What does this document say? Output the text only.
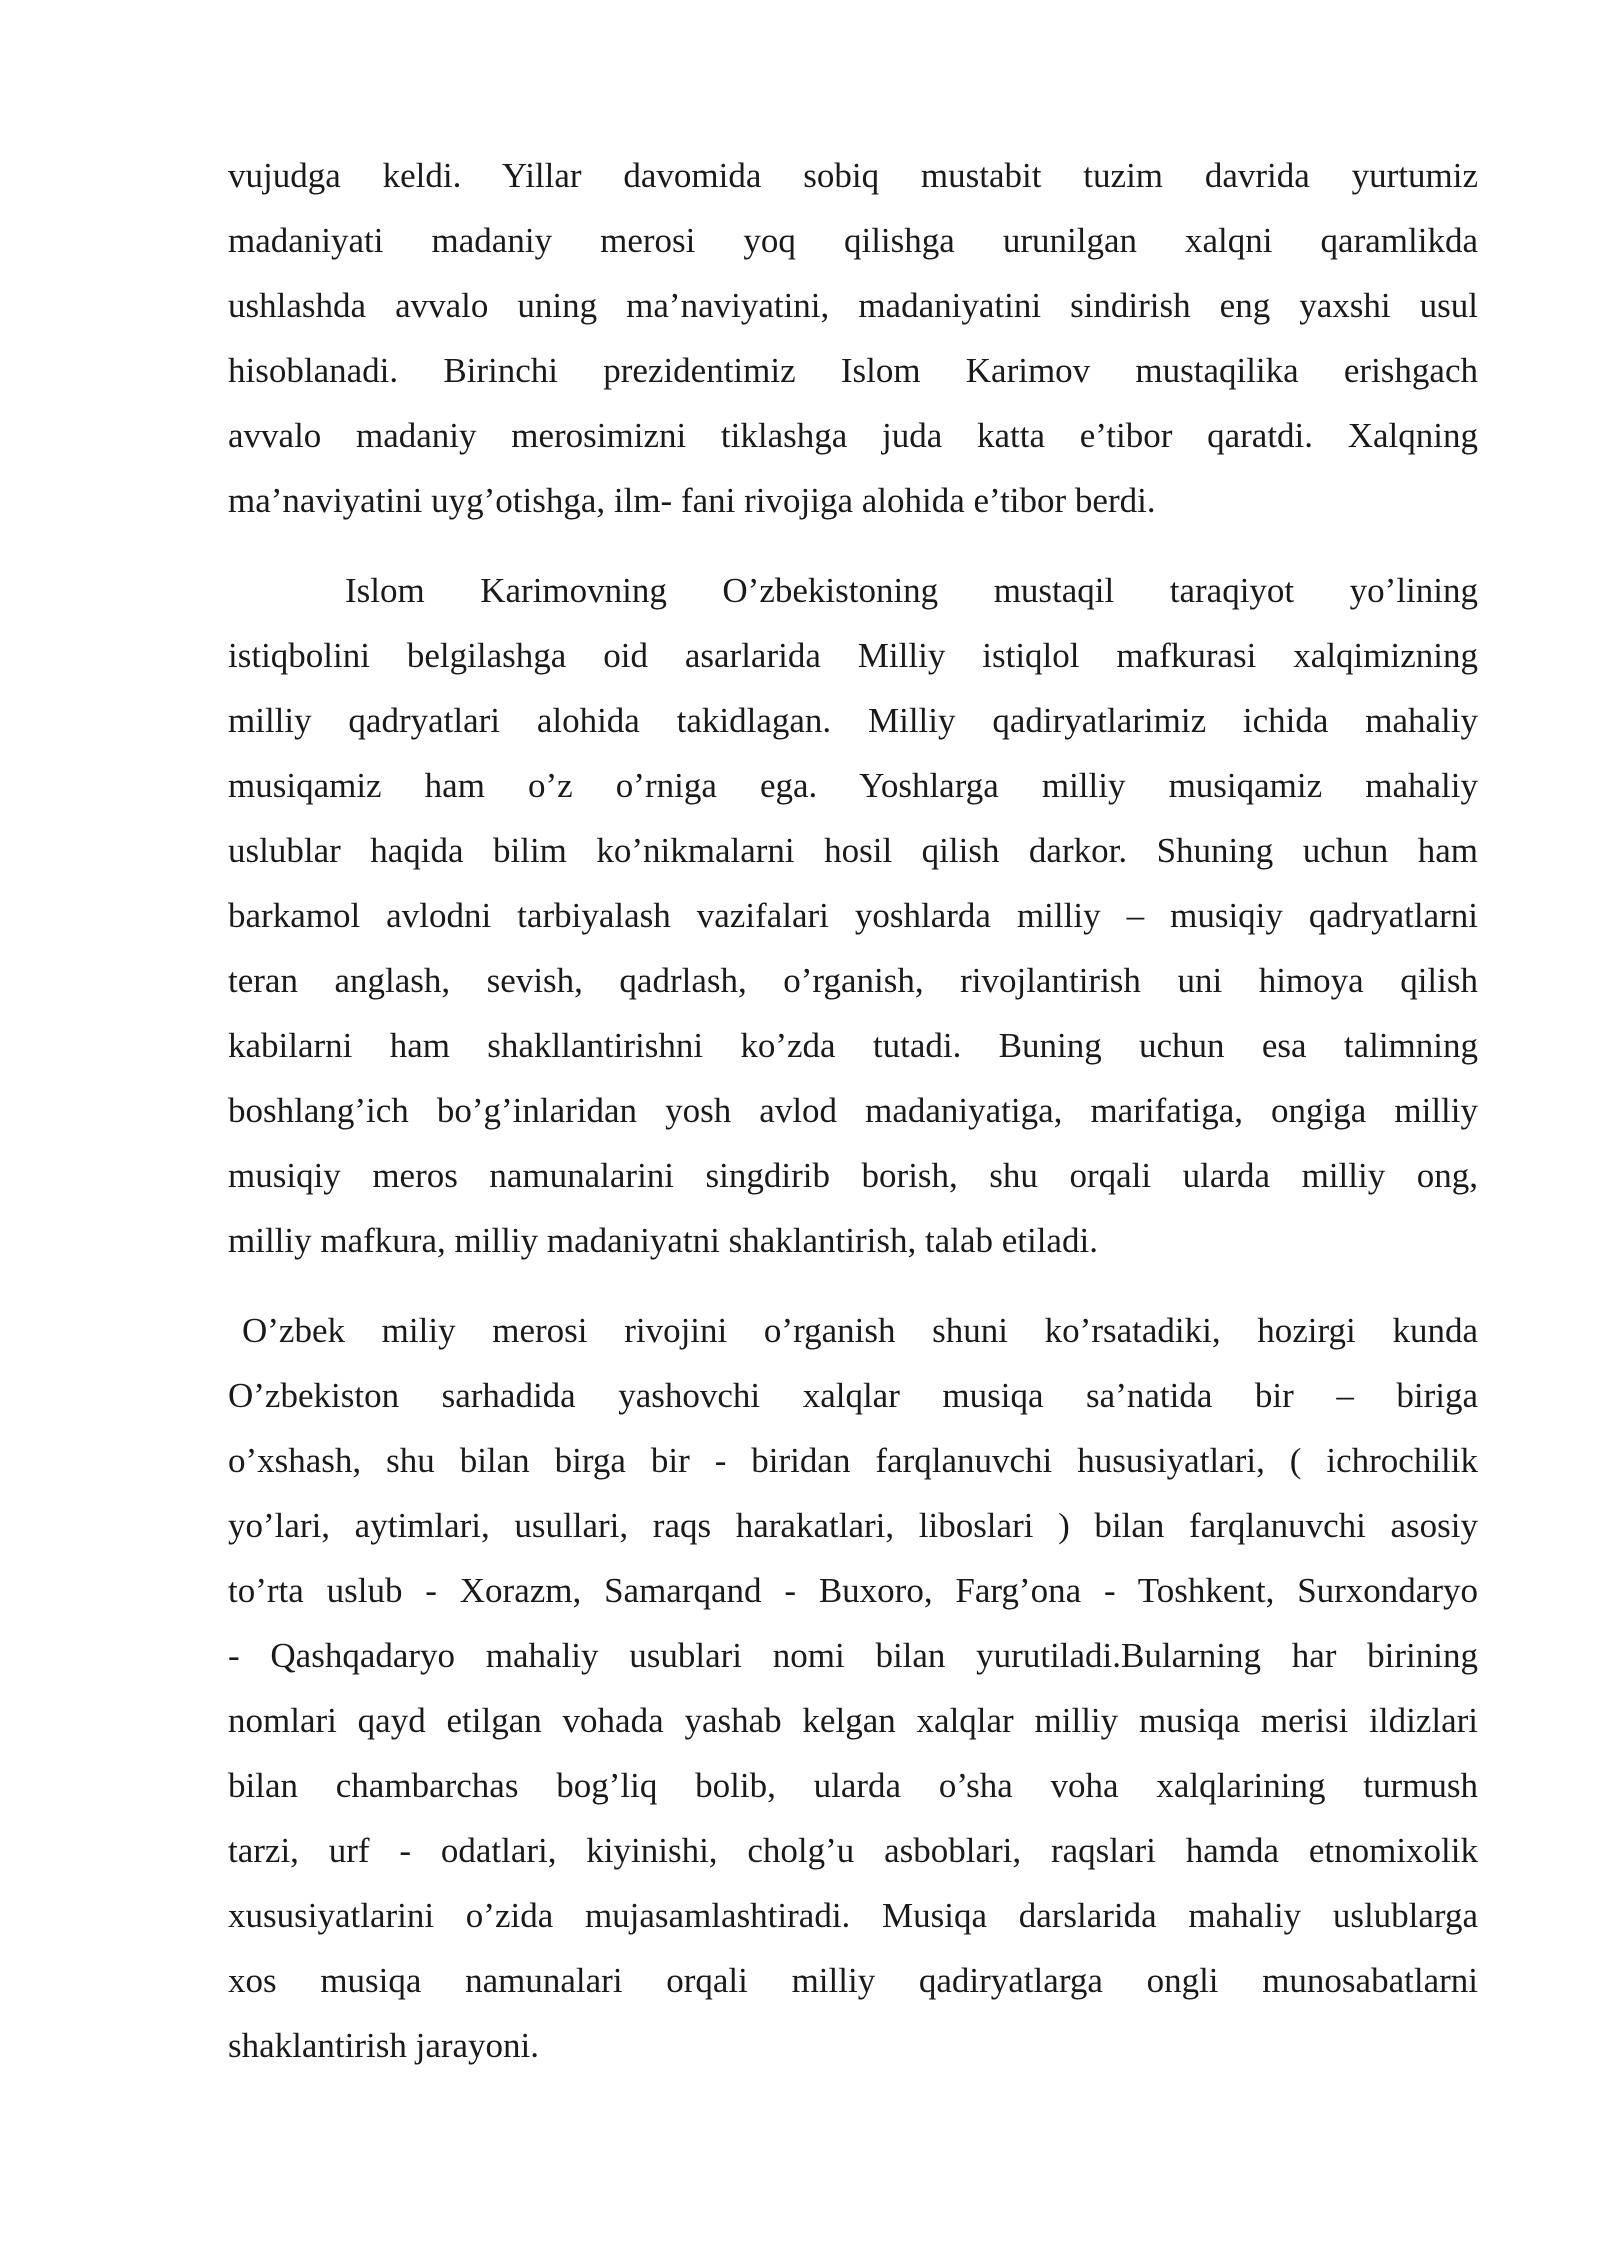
vujudga keldi. Yillar davomida sobiq mustabit tuzim davrida yurtumiz
madaniyati madaniy merosi yoq qilishga urunilgan xalqni qaramlikda
ushlashda avvalo uning ma’naviyatini, madaniyatini sindirish eng yaxshi usul
hisoblanadi. Birinchi prezidentimiz Islom Karimov mustaqilika erishgach
avvalo madaniy merosimizni tiklashga juda katta e’tibor qaratdi. Xalqning
ma’naviyatini uyg’otishga, ilm- fani rivojiga alohida e’tibor berdi.
Islom Karimovning O’zbekistoning mustaqil taraqiyot yo’lining
istiqbolini belgilashga oid asarlarida Milliy istiqlol mafkurasi xalqimizning
milliy qadryatlari alohida takidlagan. Milliy qadiryatlarimiz ichida mahaliy
musiqamiz ham o’z o’rniga ega. Yoshlarga milliy musiqamiz mahaliy
uslublar haqida bilim ko’nikmalarni hosil qilish darkor. Shuning uchun ham
barkamol avlodni tarbiyalash vazifalari yoshlarda milliy – musiqiy qadryatlarni
teran anglash, sevish, qadrlash, o’rganish, rivojlantirish uni himoya qilish
kabilarni ham shakllantirishni ko’zda tutadi. Buning uchun esa talimning
boshlang’ich bo’g’inlaridan yosh avlod madaniyatiga, marifatiga, ongiga milliy
musiqiy meros namunalarini singdirib borish, shu orqali ularda milliy ong,
milliy mafkura, milliy madaniyatni shaklantirish, talab etiladi.
O’zbek miliy merosi rivojini o’rganish shuni ko’rsatadiki, hozirgi kunda
O’zbekiston sarhadida yashovchi xalqlar musiqa sa’natida bir – biriga
o’xshash, shu bilan birga bir - biridan farqlanuvchi hususiyatlari, ( ichrochilik
yo’lari, aytimlari, usullari, raqs harakatlari, liboslari ) bilan farqlanuvchi asosiy
to’rta uslub - Xorazm, Samarqand - Buxoro, Farg’ona - Toshkent, Surxondaryo
- Qashqadaryo mahaliy usublari nomi bilan yurutiladi.Bularning har birining
nomlari qayd etilgan vohada yashab kelgan xalqlar milliy musiqa merisi ildizlari
bilan chambarchas bog’liq bolib, ularda o’sha voha xalqlarining turmush
tarzi, urf - odatlari, kiyinishi, cholg’u asboblari, raqslari hamda etnomixolik
xususiyatlarini o’zida mujasamlashtiradi. Musiqa darslarida mahaliy uslublarga
xos musiqa namunalari orqali milliy qadiryatlarga ongli munosabatlarni
shaklantirish jarayoni.
